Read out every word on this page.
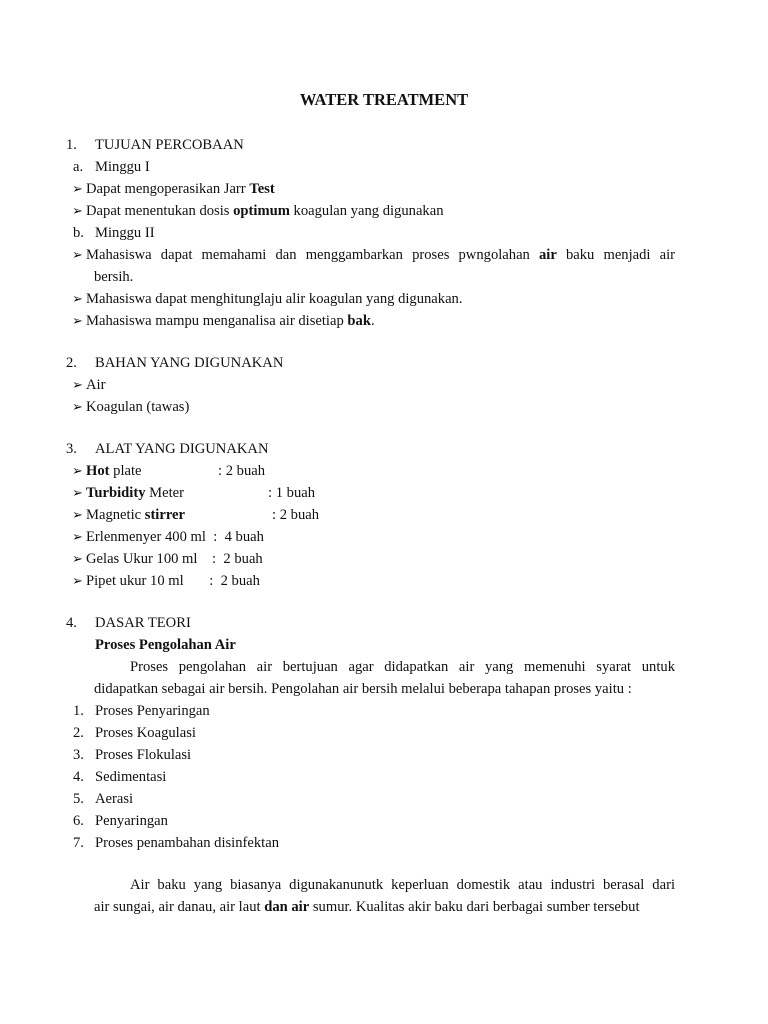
WATER TREATMENT
1. TUJUAN PERCOBAAN
a. Minggu I
➢ Dapat mengoperasikan Jarr Test
➢ Dapat menentukan dosis optimum koagulan yang digunakan
b. Minggu II
➢ Mahasiswa dapat memahami dan menggambarkan proses pwngolahan air baku menjadi air
bersih.
➢ Mahasiswa dapat menghitunglaju alir koagulan yang digunakan.
➢ Mahasiswa mampu menganalisa air disetiap bak.
2. BAHAN YANG DIGUNAKAN
➢ Air
➢ Koagulan (tawas)
3. ALAT YANG DIGUNAKAN
➢ Hot plate	: 2 buah
➢ Turbidity Meter	: 1 buah
➢ Magnetic stirrer	: 2 buah
➢ Erlenmenyer 400 ml  :  4 buah
➢ Gelas Ukur 100 ml    :  2 buah
➢ Pipet ukur 10 ml       :  2 buah
4. DASAR TEORI
Proses Pengolahan Air
Proses pengolahan air bertujuan agar didapatkan air yang memenuhi syarat untuk
didapatkan sebagai air bersih. Pengolahan air bersih melalui beberapa tahapan proses yaitu :
1. Proses Penyaringan
2. Proses Koagulasi
3. Proses Flokulasi
4. Sedimentasi
5. Aerasi
6. Penyaringan
7. Proses penambahan disinfektan
Air baku yang biasanya digunakanunutk keperluan domestik atau industri berasal dari
air sungai, air danau, air laut dan air sumur. Kualitas akir baku dari berbagai sumber tersebut
